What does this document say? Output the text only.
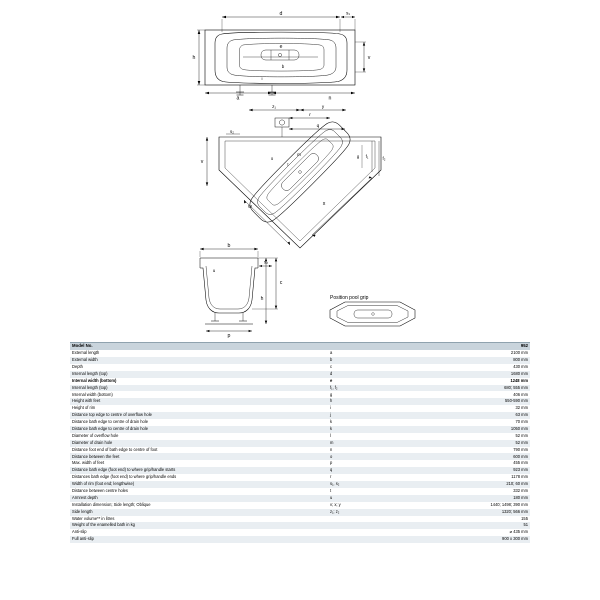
d	s₁
e
a	n
h	v
i
b
z₁	y
r
q
s₂
v
x
w
m
t
o	f₁	f₂
g
b
s₂
c
h
p
u
Position pool grip
Model No.		952
External length	a	2100 mm
External width	b	800 mm
Depth	c	430 mm
Internal length (top)	d	1680 mm
Internal width (bottom)	e	1248 mm
Internal length (top)	f₁, f₂	680; 555 mm
Internal width (bottom)	g	406 mm
Height with feet	h	550-590 mm
Height of rim	i	32 mm
Distance top edge to centre of overflow hole	j	63 mm
Distance bath edge to centre of drain hole	k	70 mm
Distance bath edge to centre of drain hole	k	1050 mm
Diameter of overflow hole	l	52 mm
Diameter of drain hole	m	52 mm
Distance foot end of bath edge to centre of foot	n	790 mm
Distance between the feet	o	600 mm
Max. width of feet	p	455 mm
Distance bath edge (foot end) to where grip/handle starts	q	923 mm
Distances bath edge (foot end) to where grip/handle ends	r	1178 mm
Width of rim (foot end; lengthwise)	s₁, s₂	210; 60 mm
Distance between centre holes	t	332 mm
Armrest depth	u	180 mm
Installation dimension; Side length; Oblique	v; x; y	1440; 1498; 390 mm
Side length	z₁; z₂	1320; 566 mm
Water volume** in litres		155
Weight of the enamelled bath in kg		51
Anti-slip		⌀ 435 mm
Full anti-slip		900 x 300 mm
